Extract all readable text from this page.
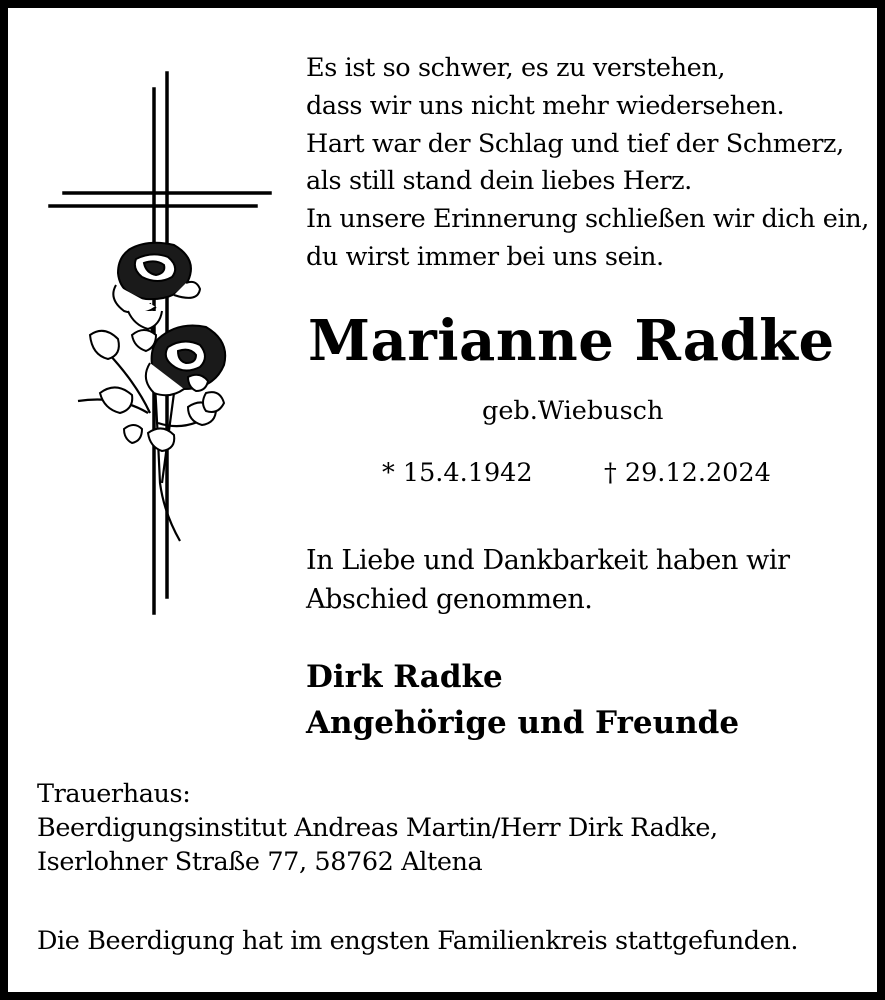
Es ist so schwer, es zu verstehen,
dass wir uns nicht mehr wiedersehen.
Hart war der Schlag und tief der Schmerz,
als still stand dein liebes Herz.
In unsere Erinnerung schließen wir dich ein,
du wirst immer bei uns sein.
Marianne Radke
geb.Wiebusch
* 15.4.1942	† 29.12.2024
In Liebe und Dankbarkeit haben wir
Abschied genommen.
Dirk Radke
Angehörige und Freunde
Trauerhaus:
Beerdigungsinstitut Andreas Martin/Herr Dirk Radke,
Iserlohner Straße 77, 58762 Altena
Die Beerdigung hat im engsten Familienkreis stattgefunden.
